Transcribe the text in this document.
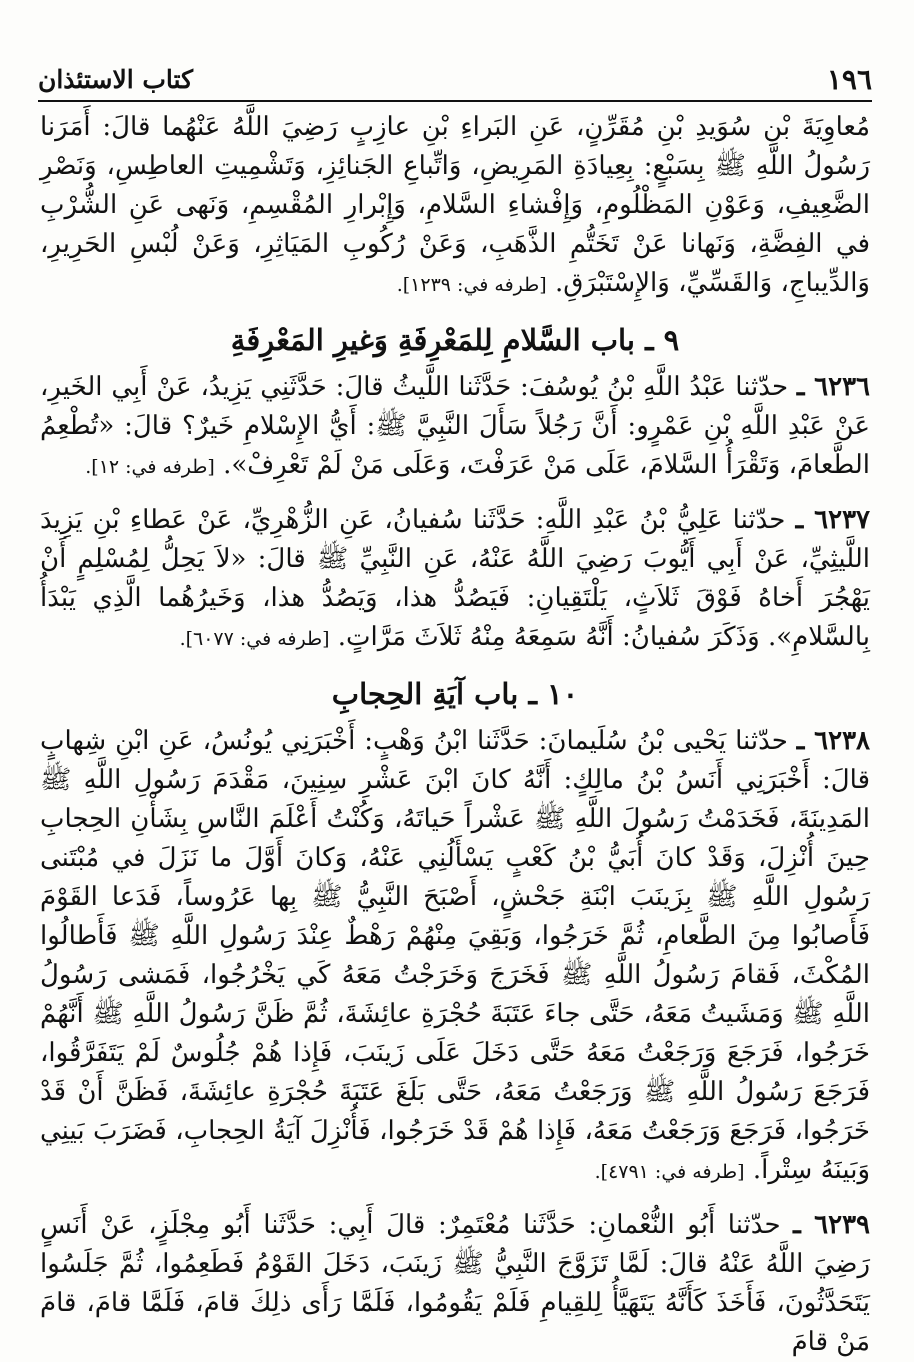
كتاب الاستئذان	١٩٦

مُعاوِيَةَ بْنِ سُوَيدِ بْنِ مُقَرِّنٍ، عَنِ البَراءِ بْنِ عازِبٍ رَضِيَ اللَّهُ عَنْهُما قالَ: أَمَرَنا رَسُولُ اللَّهِ ﷺ بِسَبْعٍ: بِعِيادَةِ المَرِيضِ، وَاتِّباعِ الجَنائِزِ، وَتَشْمِيتِ العاطِسِ، وَنَصْرِ الضَّعِيفِ، وَعَوْنِ المَظْلُومِ، وَإِفْشاءِ السَّلامِ، وَإِبْرارِ المُقْسِمِ، وَنَهى عَنِ الشُّرْبِ في الفِضَّةِ، وَنَهانا عَنْ تَخَتُّمِ الذَّهَبِ، وَعَنْ رُكُوبِ المَيَاثِرِ، وَعَنْ لُبْسِ الحَرِيرِ، وَالدِّيباجِ، وَالقَسِّيِّ، وَالإِسْتَبْرَقِ. [طرفه في: ١٢٣٩].

٩ ـ باب السَّلامِ لِلمَعْرِفَةِ وَغيرِ المَعْرِفَةِ

٦٢٣٦ ـ حدّثنا عَبْدُ اللَّهِ بْنُ يُوسُفَ: حَدَّثَنا اللَّيثُ قالَ: حَدَّثَنِي يَزِيدُ، عَنْ أَبِي الخَيرِ، عَنْ عَبْدِ اللَّهِ بْنِ عَمْرٍو: أَنَّ رَجُلاً سَأَلَ النَّبِيَّ ﷺ: أَيُّ الإِسْلامِ خَيرٌ؟ قالَ: «تُطْعِمُ الطَّعامَ، وَتَقْرَأُ السَّلامَ، عَلَى مَنْ عَرَفْتَ، وَعَلَى مَنْ لَمْ تَعْرِفْ». [طرفه في: ١٢].

٦٢٣٧ ـ حدّثنا عَلِيُّ بْنُ عَبْدِ اللَّهِ: حَدَّثَنا سُفيانُ، عَنِ الزُّهْرِيِّ، عَنْ عَطاءِ بْنِ يَزِيدَ اللَّيثِيِّ، عَنْ أَبِي أَيُّوبَ رَضِيَ اللَّهُ عَنْهُ، عَنِ النَّبِيِّ ﷺ قالَ: «لاَ يَحِلُّ لِمُسْلِمٍ أَنْ يَهْجُرَ أَخاهُ فَوْقَ ثَلاَثٍ، يَلْتَقِيانِ: فَيَصُدُّ هذا، وَيَصُدُّ هذا، وَخَيرُهُما الَّذِي يَبْدَأُ بِالسَّلامِ». وَذَكَرَ سُفيانُ: أَنَّهُ سَمِعَهُ مِنْهُ ثَلاَثَ مَرَّاتٍ. [طرفه في: ٦٠٧٧].

١٠ ـ باب آيَةِ الحِجابِ

٦٢٣٨ ـ حدّثنا يَحْيى بْنُ سُلَيمانَ: حَدَّثَنا ابْنُ وَهْبٍ: أَخْبَرَنِي يُونُسُ، عَنِ ابْنِ شِهابٍ قالَ: أَخْبَرَنِي أَنَسُ بْنُ مالِكٍ: أَنَّهُ كانَ ابْنَ عَشْرِ سِنِينَ، مَقْدَمَ رَسُولِ اللَّهِ ﷺ المَدِينَةَ، فَخَدَمْتُ رَسُولَ اللَّهِ ﷺ عَشْراً حَياتَهُ، وَكُنْتُ أَعْلَمَ النَّاسِ بِشَأْنِ الحِجابِ حِينَ أُنْزِلَ، وَقَدْ كانَ أُبَيُّ بْنُ كَعْبٍ يَسْأَلُنِي عَنْهُ، وَكانَ أَوَّلَ ما نَزَلَ في مُبْتَنى رَسُولِ اللَّهِ ﷺ بِزَينَبَ ابْنَةِ جَحْشٍ، أَصْبَحَ النَّبِيُّ ﷺ بِها عَرُوساً، فَدَعا القَوْمَ فَأَصابُوا مِنَ الطَّعامِ، ثُمَّ خَرَجُوا، وَبَقِيَ مِنْهُمْ رَهْطٌ عِنْدَ رَسُولِ اللَّهِ ﷺ فَأَطالُوا المُكْثَ، فَقامَ رَسُولُ اللَّهِ ﷺ فَخَرَجَ وَخَرَجْتُ مَعَهُ كَي يَخْرُجُوا، فَمَشى رَسُولُ اللَّهِ ﷺ وَمَشَيتُ مَعَهُ، حَتَّى جاءَ عَتَبَةَ حُجْرَةِ عائِشَةَ، ثُمَّ ظَنَّ رَسُولُ اللَّهِ ﷺ أَنَّهُمْ خَرَجُوا، فَرَجَعَ وَرَجَعْتُ مَعَهُ حَتَّى دَخَلَ عَلَى زَينَبَ، فَإِذا هُمْ جُلُوسٌ لَمْ يَتَفَرَّقُوا، فَرَجَعَ رَسُولُ اللَّهِ ﷺ وَرَجَعْتُ مَعَهُ، حَتَّى بَلَغَ عَتَبَةَ حُجْرَةِ عائِشَةَ، فَظَنَّ أَنْ قَدْ خَرَجُوا، فَرَجَعَ وَرَجَعْتُ مَعَهُ، فَإِذا هُمْ قَدْ خَرَجُوا، فَأُنْزِلَ آيَةُ الحِجابِ، فَضَرَبَ بَينِي وَبَينَهُ سِتْراً. [طرفه في: ٤٧٩١].

٦٢٣٩ ـ حدّثنا أَبُو النُّعْمانِ: حَدَّثَنا مُعْتَمِرٌ: قالَ أَبِي: حَدَّثَنا أَبُو مِجْلَزٍ، عَنْ أَنَسٍ رَضِيَ اللَّهُ عَنْهُ قالَ: لَمَّا تَزَوَّجَ النَّبِيُّ ﷺ زَينَبَ، دَخَلَ القَوْمُ فَطَعِمُوا، ثُمَّ جَلَسُوا يَتَحَدَّثُونَ، فَأَخَذَ كَأَنَّهُ يَتَهَيَّأُ لِلقِيامِ فَلَمْ يَقُومُوا، فَلَمَّا رَأَى ذلِكَ قامَ، فَلَمَّا قامَ، قامَ مَنْ قامَ
